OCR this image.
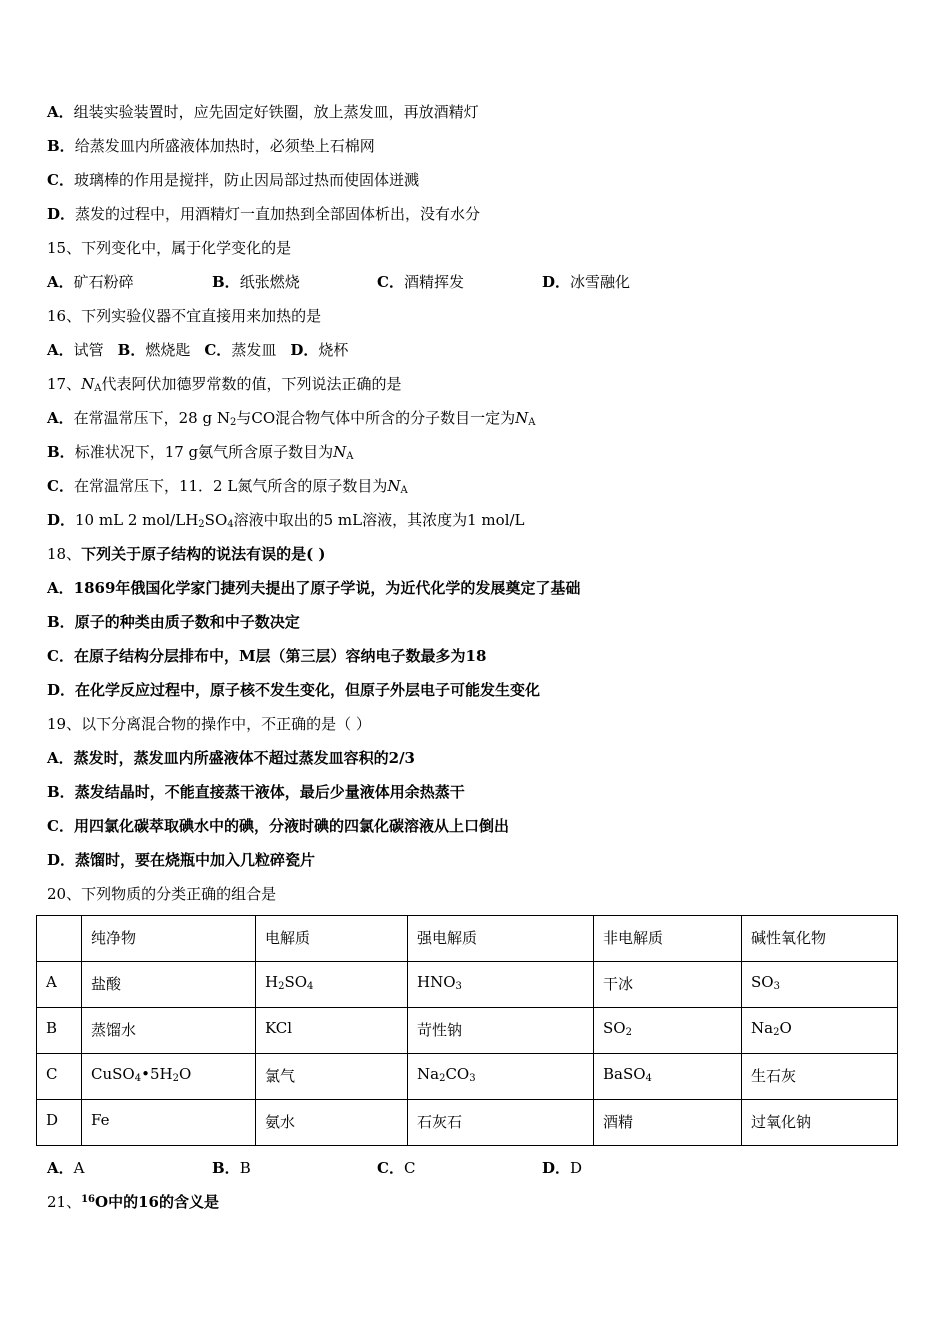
A．组装实验装置时，应先固定好铁圈，放上蒸发皿，再放酒精灯
B．给蒸发皿内所盛液体加热时，必须垫上石棉网
C．玻璃棒的作用是搅拌，防止因局部过热而使固体迸溅
D．蒸发的过程中，用酒精灯一直加热到全部固体析出，没有水分
15、下列变化中，属于化学变化的是
A．矿石粉碎	B．纸张燃烧	C．酒精挥发	D．冰雪融化
16、下列实验仪器不宜直接用来加热的是
A．试管 B．燃烧匙 C．蒸发皿 D．烧杯
17、$N_A$代表阿伏加德罗常数的值，下列说法正确的是
A．在常温常压下，28 g $N_2$与CO混合物气体中所含的分子数目一定为$N_A$
B．标准状况下，17 g氨气所含原子数目为$N_A$
C．在常温常压下，11．2 L氮气所含的原子数目为$N_A$
D．10 mL 2 mol/$LH_2SO_4$溶液中取出的5 mL溶液，其浓度为1 mol/L
18、下列关于原子结构的说法有误的是( )
A．1869年俄国化学家门捷列夫提出了原子学说，为近代化学的发展奠定了基础
B．原子的种类由质子数和中子数决定
C．在原子结构分层排布中，M层（第三层）容纳电子数最多为18
D．在化学反应过程中，原子核不发生变化，但原子外层电子可能发生变化
19、以下分离混合物的操作中，不正确的是（ ）
A．蒸发时，蒸发皿内所盛液体不超过蒸发皿容积的2/3
B．蒸发结晶时，不能直接蒸干液体，最后少量液体用余热蒸干
C．用四氯化碳萃取碘水中的碘，分液时碘的四氯化碳溶液从上口倒出
D．蒸馏时，要在烧瓶中加入几粒碎瓷片
20、下列物质的分类正确的组合是
	纯净物	电解质	强电解质	非电解质	碱性氧化物
A	盐酸	$H_2SO_4$	$HNO_3$	干冰	$SO_3$
B	蒸馏水	KCl	苛性钠	$SO_2$	$Na_2O$
C	$CuSO_4•5H_2O$	氯气	$Na_2CO_3$	BaSO$_4$	生石灰
D	Fe	氨水	石灰石	酒精	过氧化钠
A．A	B．B	C．C	D．D
21、$^{16}$O中的16的含义是
